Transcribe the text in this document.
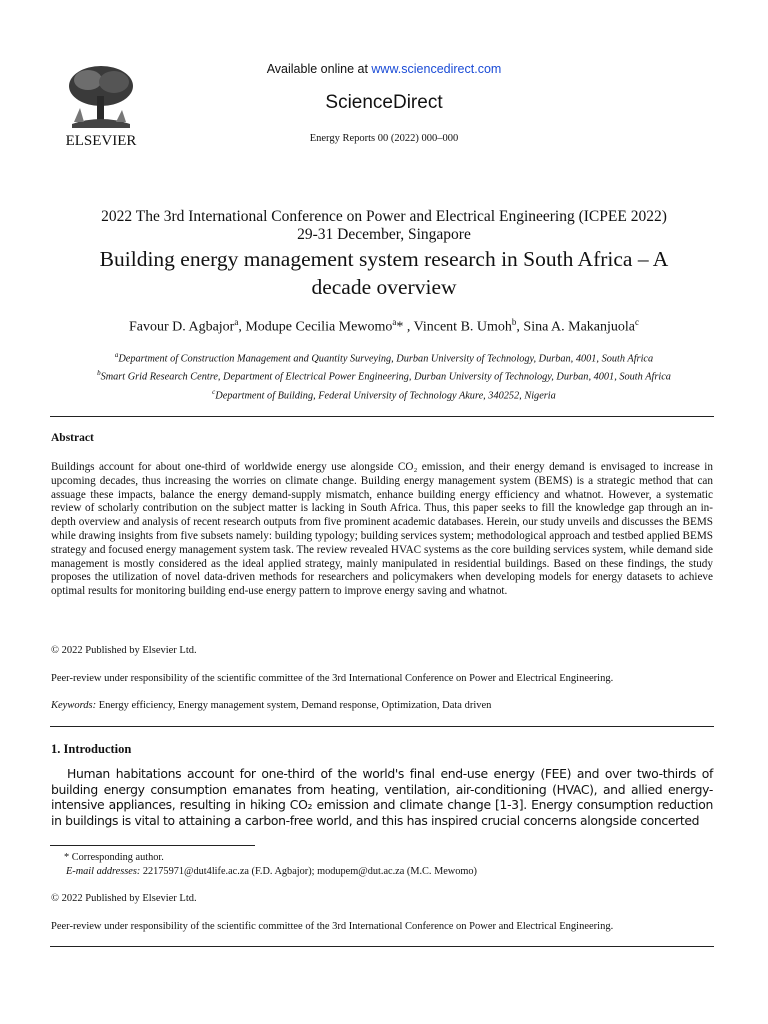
ELSEVIER
Available online at www.sciencedirect.com
ScienceDirect
Energy Reports 00 (2022) 000–000
2022 The 3rd International Conference on Power and Electrical Engineering (ICPEE 2022)
29-31 December, Singapore
Building energy management system research in South Africa – A
decade overview
Favour D. Agbajor$^a$, Modupe Cecilia Mewomo$^a$* , Vincent B. Umoh$^b$, Sina A. Makanjuola$^c$
$^a$Department of Construction Management and Quantity Surveying, Durban University of Technology, Durban, 4001, South Africa
$^b$Smart Grid Research Centre, Department of Electrical Power Engineering, Durban University of Technology, Durban, 4001, South Africa
$^c$Department of Building, Federal University of Technology Akure, 340252, Nigeria
Abstract
Buildings account for about one-third of worldwide energy use alongside CO₂ emission, and their energy demand is envisaged to increase in upcoming decades, thus increasing the worries on climate change. Building energy management system (BEMS) is a strategic method that can assuage these impacts, balance the energy demand-supply mismatch, enhance building energy efficiency and whatnot. However, a systematic review of scholarly contribution on the subject matter is lacking in South Africa. Thus, this paper seeks to fill the knowledge gap through an in-depth overview and analysis of recent research outputs from five prominent academic databases. Herein, our study unveils and discusses the BEMS while drawing insights from five subsets namely: building typology; building services system; methodological approach and testbed applied BEMS strategy and focused energy management system task. The review revealed HVAC systems as the core building services system, while demand side management is mostly considered as the ideal applied strategy, mainly manipulated in residential buildings. Based on these findings, the study proposes the utilization of novel data-driven methods for researchers and policymakers when developing models for energy datasets to achieve optimal results for monitoring building end-use energy pattern to improve energy saving and whatnot.
© 2022 Published by Elsevier Ltd.
Peer-review under responsibility of the scientific committee of the 3rd International Conference on Power and Electrical Engineering.
Keywords: Energy efficiency, Energy management system, Demand response, Optimization, Data driven
1. Introduction
Human habitations account for one-third of the world's final end-use energy (FEE) and over two-thirds of building energy consumption emanates from heating, ventilation, air-conditioning (HVAC), and allied energy-intensive appliances, resulting in hiking CO₂ emission and climate change [1-3]. Energy consumption reduction in buildings is vital to attaining a carbon-free world, and this has inspired crucial concerns alongside concerted
* Corresponding author.
E-mail addresses: 22175971@dut4life.ac.za (F.D. Agbajor); modupem@dut.ac.za (M.C. Mewomo)
© 2022 Published by Elsevier Ltd.
Peer-review under responsibility of the scientific committee of the 3rd International Conference on Power and Electrical Engineering.
